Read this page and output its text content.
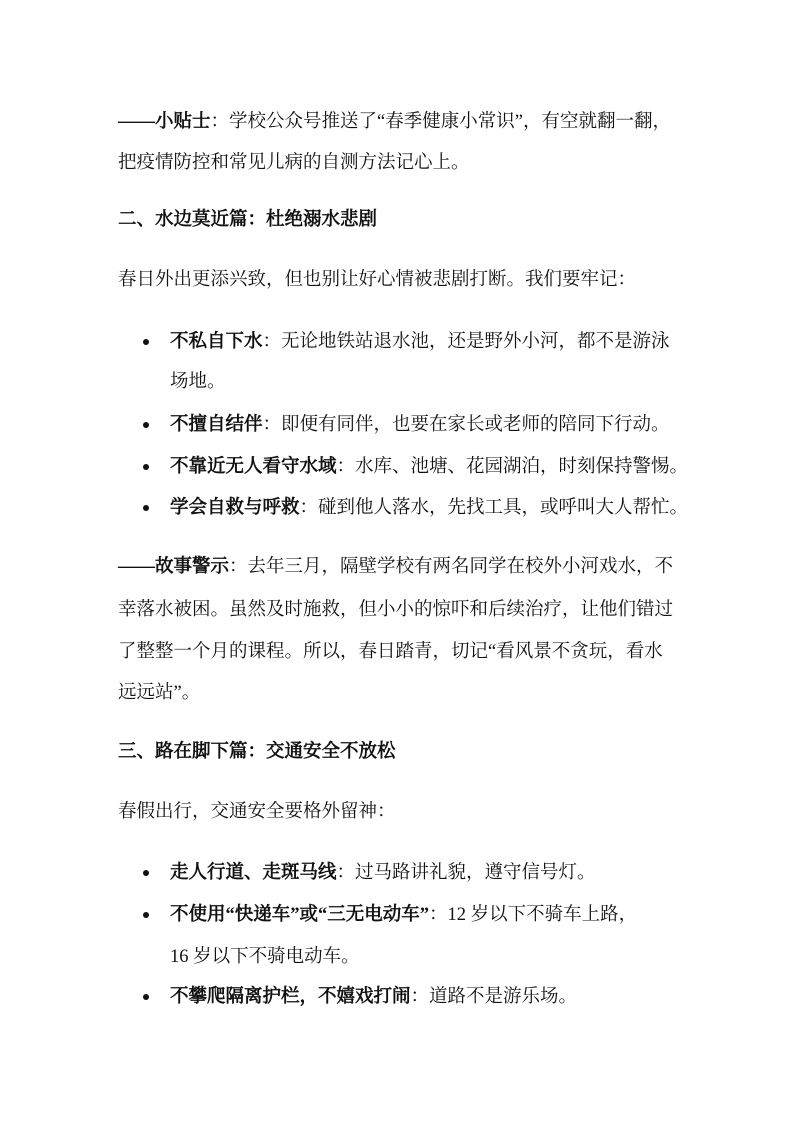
——小贴士：学校公众号推送了“春季健康小常识”，有空就翻一翻，
把疫情防控和常见儿病的自测方法记心上。
二、水边莫近篇：杜绝溺水悲剧
春日外出更添兴致，但也别让好心情被悲剧打断。我们要牢记：
不私自下水：无论地铁站退水池，还是野外小河，都不是游泳
场地。
不擅自结伴：即便有同伴，也要在家长或老师的陪同下行动。
不靠近无人看守水域：水库、池塘、花园湖泊，时刻保持警惕。
学会自救与呼救：碰到他人落水，先找工具，或呼叫大人帮忙。
——故事警示：去年三月，隔壁学校有两名同学在校外小河戏水，不
幸落水被困。虽然及时施救，但小小的惊吓和后续治疗，让他们错过
了整整一个月的课程。所以，春日踏青，切记“看风景不贪玩，看水
远远站”。
三、路在脚下篇：交通安全不放松
春假出行，交通安全要格外留神：
走人行道、走斑马线：过马路讲礼貌，遵守信号灯。
不使用“快递车”或“三无电动车”：12 岁以下不骑车上路，
16 岁以下不骑电动车。
不攀爬隔离护栏，不嬉戏打闹：道路不是游乐场。
